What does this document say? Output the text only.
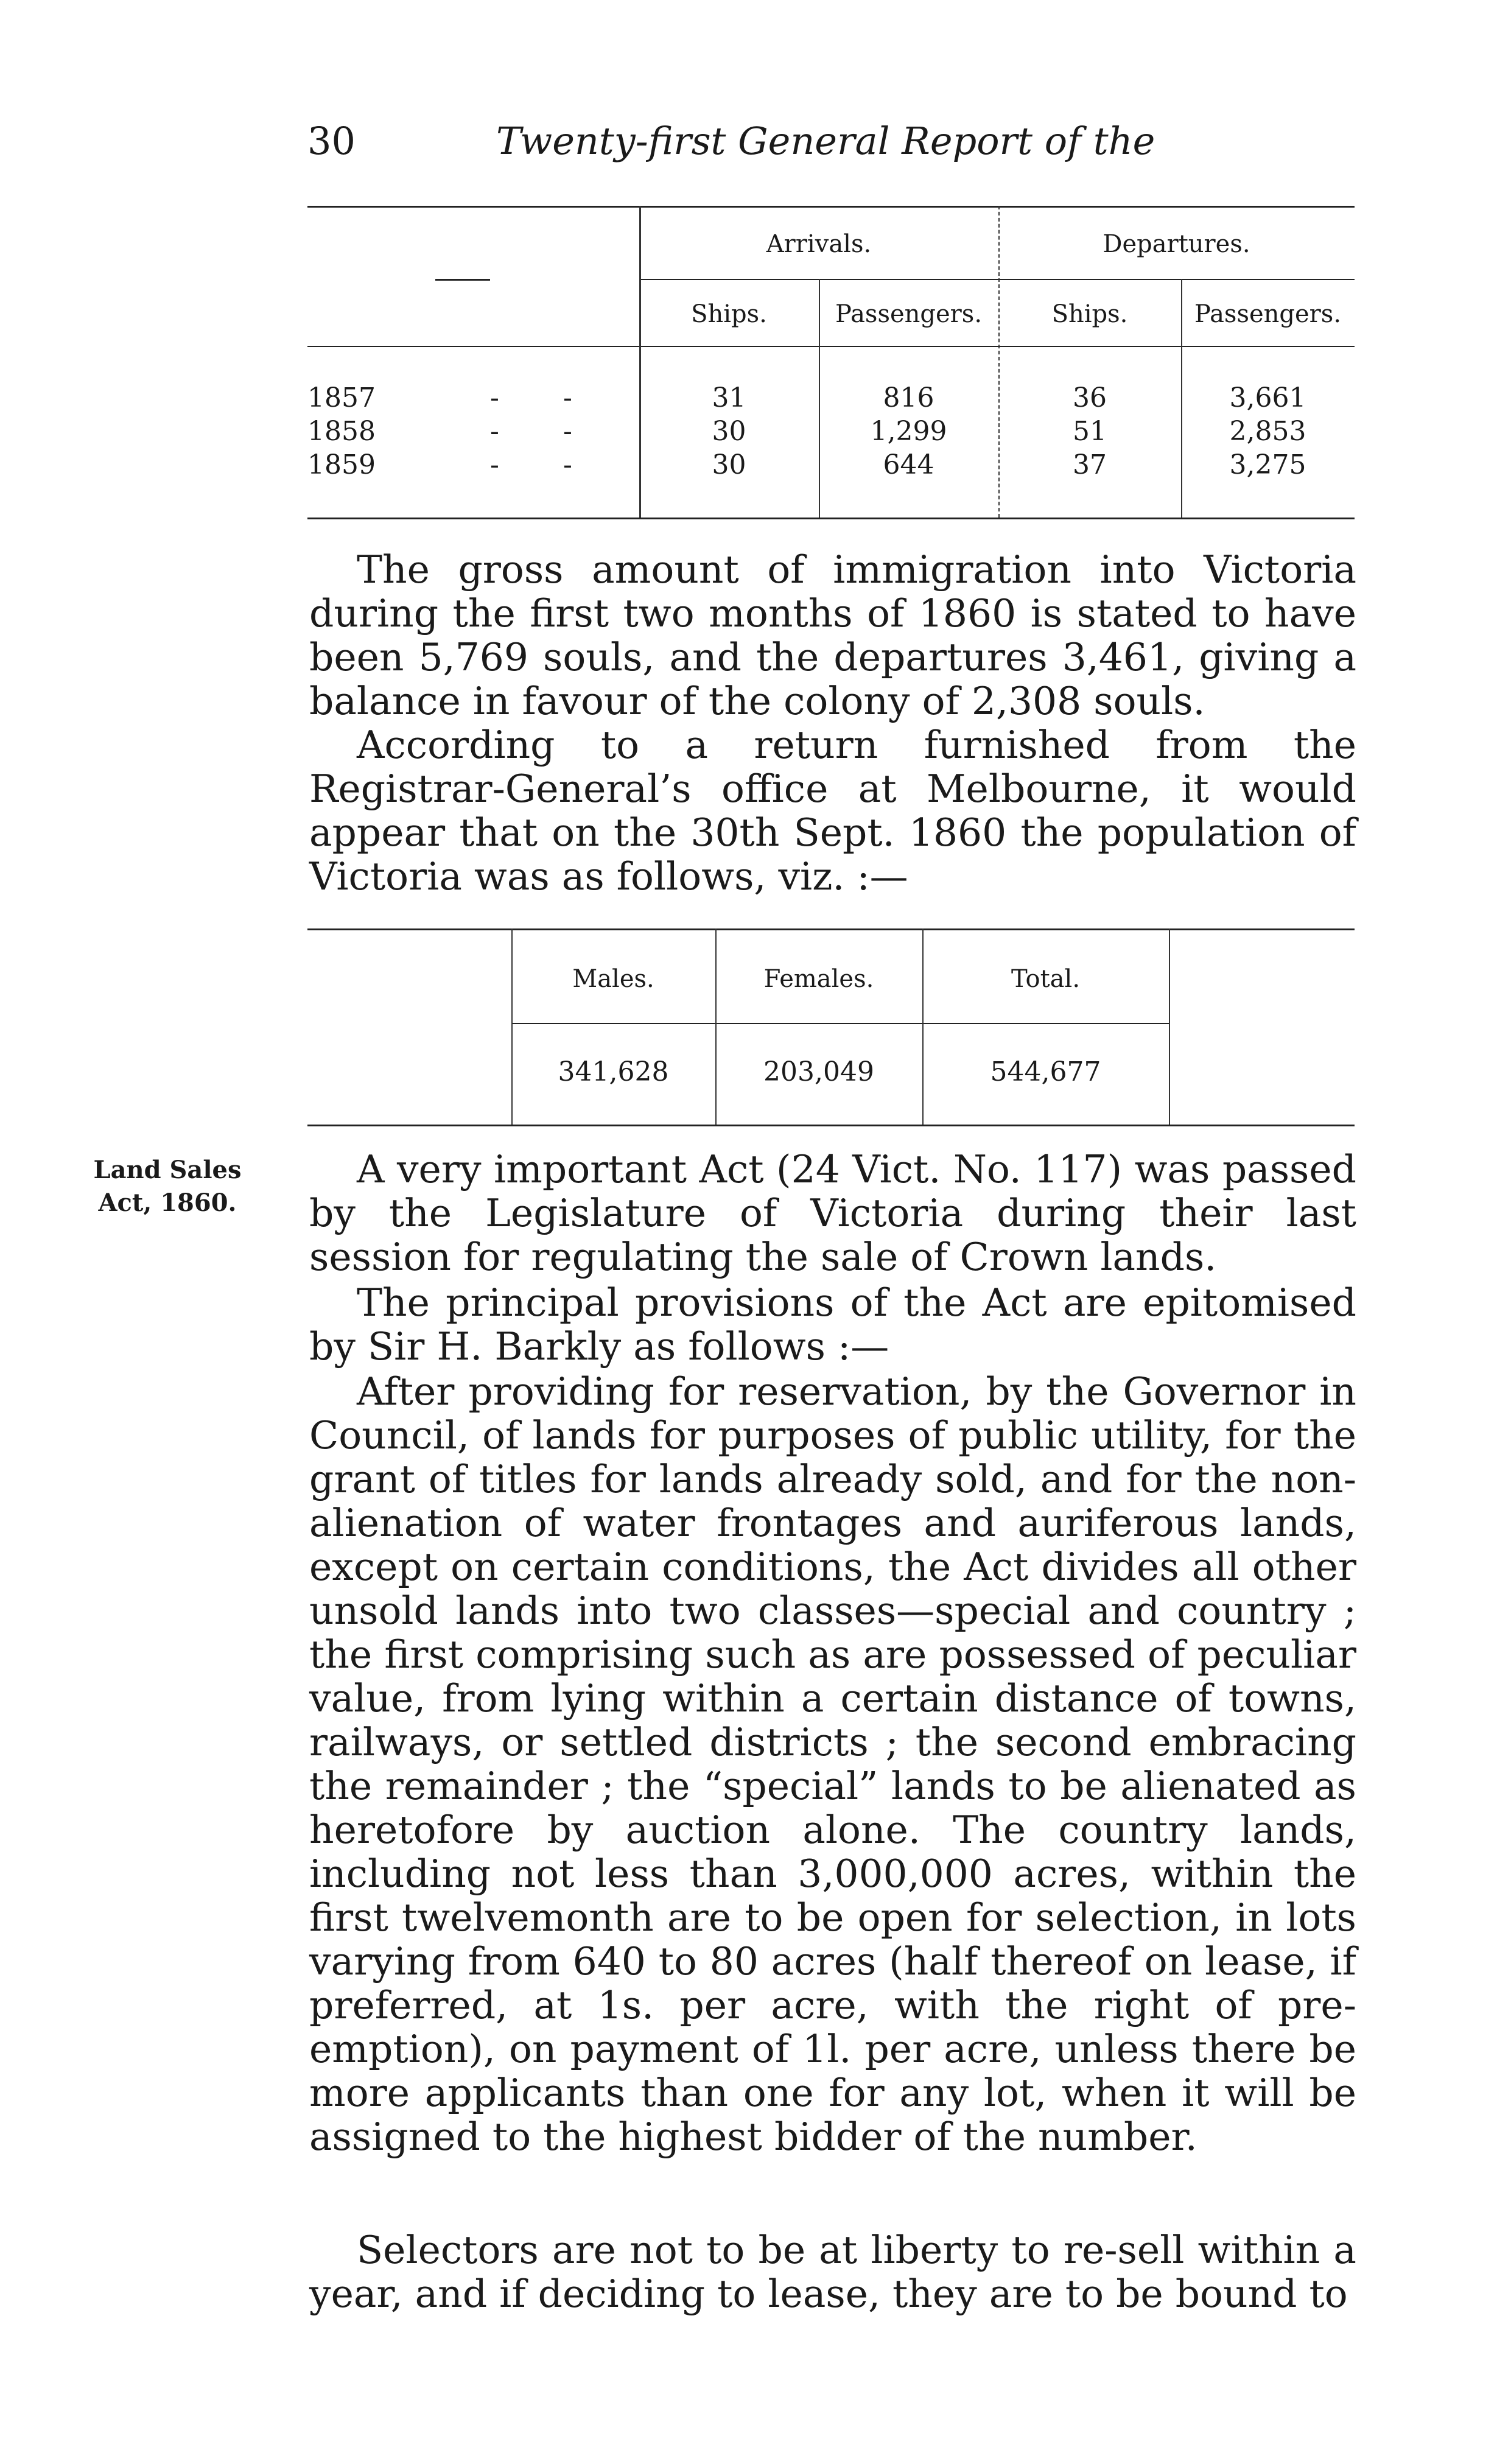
30	Twenty-first General Report of the
Arrivals.	Departures.
Ships.	Passengers.	Ships.	Passengers.
1857	- -	31	816	36	3,661
1858	- -	30	1,299	51	2,853
1859	- -	30	644	37	3,275

The gross amount of immigration into Victoria during the first two months of 1860 is stated to have been 5,769 souls, and the departures 3,461, giving a balance in favour of the colony of 2,308 souls.

According to a return furnished from the Registrar-General’s office at Melbourne, it would appear that on the 30th Sept. 1860 the population of Victoria was as follows, viz. :—

Males.	Females.	Total.
341,628	203,049	544,677
Land Sales
Act, 1860.

A very important Act (24 Vict. No. 117) was passed by the Legislature of Victoria during their last session for regulating the sale of Crown lands.

The principal provisions of the Act are epitomised by Sir H. Barkly as follows :—

After providing for reservation, by the Governor in Council, of lands for purposes of public utility, for the grant of titles for lands already sold, and for the non-alienation of water frontages and auriferous lands, except on certain conditions, the Act divides all other unsold lands into two classes—special and country ; the first comprising such as are possessed of peculiar value, from lying within a certain distance of towns, railways, or settled districts ; the second embracing the remainder ; the “special” lands to be alienated as heretofore by auction alone. The country lands, including not less than 3,000,000 acres, within the first twelvemonth are to be open for selection, in lots varying from 640 to 80 acres (half thereof on lease, if preferred, at 1s. per acre, with the right of pre-emption), on payment of 1l. per acre, unless there be more applicants than one for any lot, when it will be assigned to the highest bidder of the number.

Selectors are not to be at liberty to re-sell within a year, and if deciding to lease, they are to be bound to
